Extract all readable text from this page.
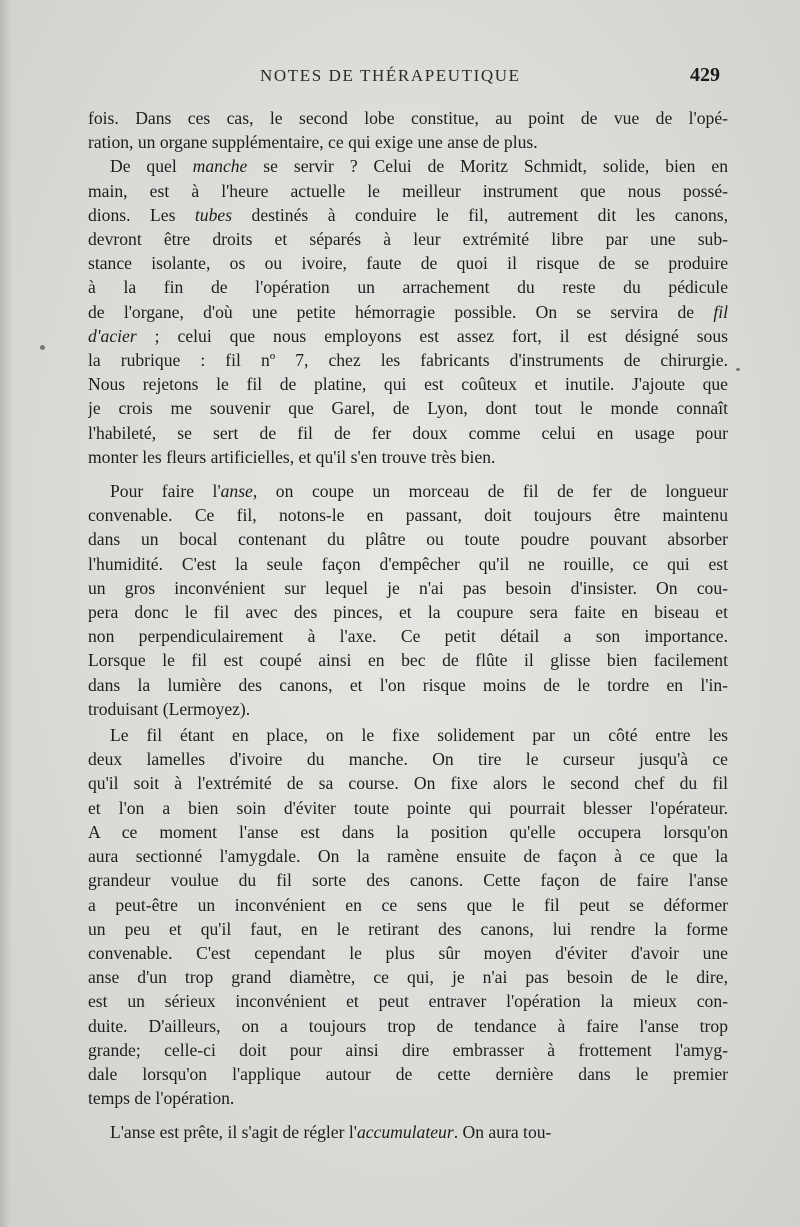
NOTES DE THÉRAPEUTIQUE	429

fois. Dans ces cas, le second lobe constitue, au point de vue de l'opé-
ration, un organe supplémentaire, ce qui exige une anse de plus.

De quel manche se servir ? Celui de Moritz Schmidt, solide, bien en
main, est à l'heure actuelle le meilleur instrument que nous possé-
dions. Les tubes destinés à conduire le fil, autrement dit les canons,
devront être droits et séparés à leur extrémité libre par une sub-
stance isolante, os ou ivoire, faute de quoi il risque de se produire
à la fin de l'opération un arrachement du reste du pédicule
de l'organe, d'où une petite hémorragie possible. On se servira de fil
d'acier ; celui que nous employons est assez fort, il est désigné sous
la rubrique : fil nº 7, chez les fabricants d'instruments de chirurgie.
Nous rejetons le fil de platine, qui est coûteux et inutile. J'ajoute que
je crois me souvenir que Garel, de Lyon, dont tout le monde connaît
l'habileté, se sert de fil de fer doux comme celui en usage pour
monter les fleurs artificielles, et qu'il s'en trouve très bien.

Pour faire l'anse, on coupe un morceau de fil de fer de longueur
convenable. Ce fil, notons-le en passant, doit toujours être maintenu
dans un bocal contenant du plâtre ou toute poudre pouvant absorber
l'humidité. C'est la seule façon d'empêcher qu'il ne rouille, ce qui est
un gros inconvénient sur lequel je n'ai pas besoin d'insister. On cou-
pera donc le fil avec des pinces, et la coupure sera faite en biseau et
non perpendiculairement à l'axe. Ce petit détail a son importance.
Lorsque le fil est coupé ainsi en bec de flûte il glisse bien facilement
dans la lumière des canons, et l'on risque moins de le tordre en l'in-
troduisant (Lermoyez).

Le fil étant en place, on le fixe solidement par un côté entre les
deux lamelles d'ivoire du manche. On tire le curseur jusqu'à ce
qu'il soit à l'extrémité de sa course. On fixe alors le second chef du fil
et l'on a bien soin d'éviter toute pointe qui pourrait blesser l'opérateur.
A ce moment l'anse est dans la position qu'elle occupera lorsqu'on
aura sectionné l'amygdale. On la ramène ensuite de façon à ce que la
grandeur voulue du fil sorte des canons. Cette façon de faire l'anse
a peut-être un inconvénient en ce sens que le fil peut se déformer
un peu et qu'il faut, en le retirant des canons, lui rendre la forme
convenable. C'est cependant le plus sûr moyen d'éviter d'avoir une
anse d'un trop grand diamètre, ce qui, je n'ai pas besoin de le dire,
est un sérieux inconvénient et peut entraver l'opération la mieux con-
duite. D'ailleurs, on a toujours trop de tendance à faire l'anse trop
grande; celle-ci doit pour ainsi dire embrasser à frottement l'amyg-
dale lorsqu'on l'applique autour de cette dernière dans le premier
temps de l'opération.

L'anse est prête, il s'agit de régler l'accumulateur. On aura tou-
